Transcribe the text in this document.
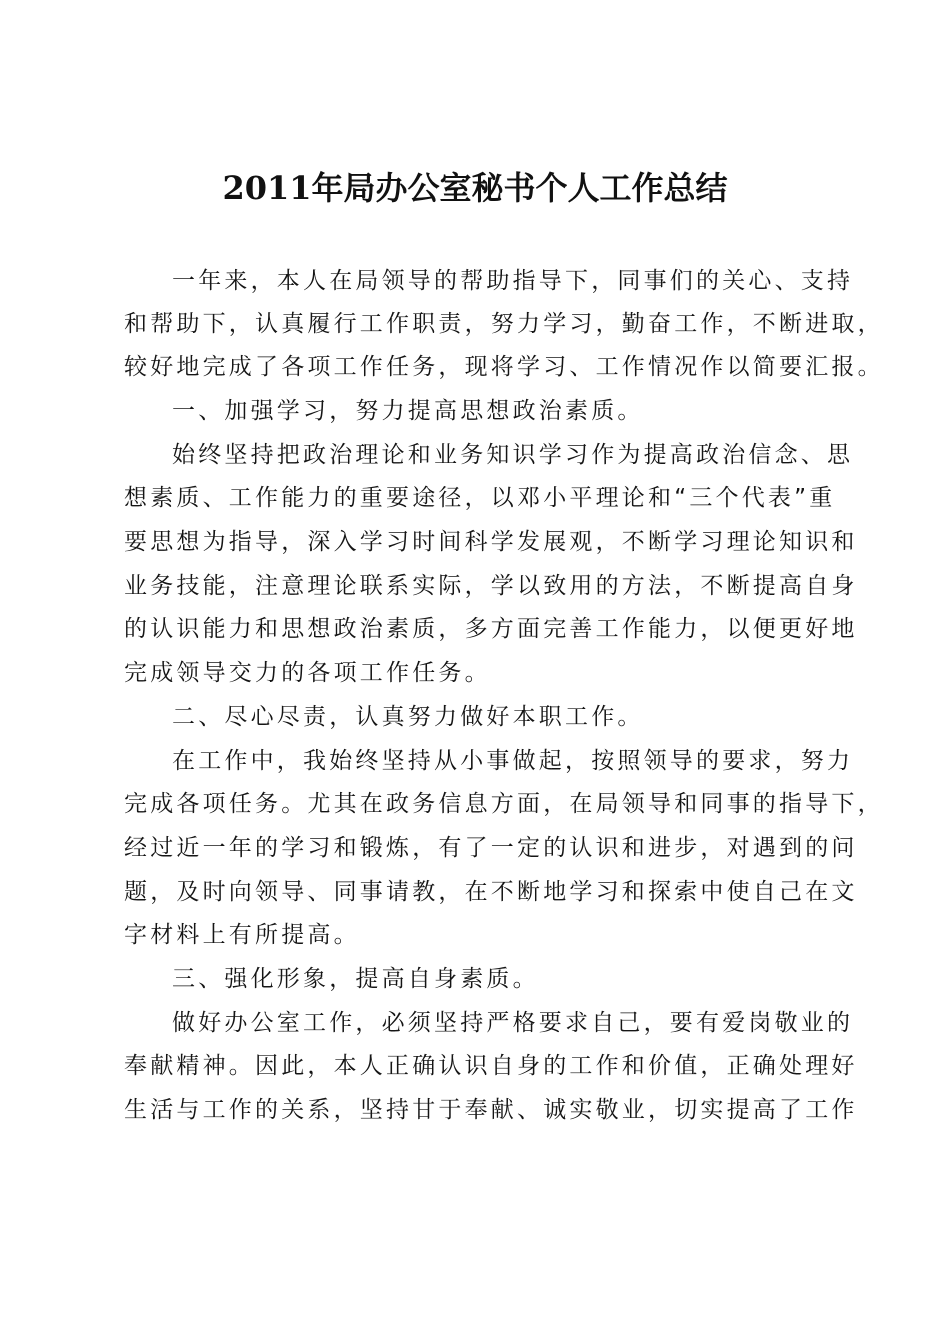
2011年局办公室秘书个人工作总结
一年来，本人在局领导的帮助指导下，同事们的关心、支持
和帮助下，认真履行工作职责，努力学习，勤奋工作，不断进取，
较好地完成了各项工作任务，现将学习、工作情况作以简要汇报。
一、加强学习，努力提高思想政治素质。
始终坚持把政治理论和业务知识学习作为提高政治信念、思
想素质、工作能力的重要途径，以邓小平理论和“三个代表”重
要思想为指导，深入学习时间科学发展观，不断学习理论知识和
业务技能，注意理论联系实际，学以致用的方法，不断提高自身
的认识能力和思想政治素质，多方面完善工作能力，以便更好地
完成领导交力的各项工作任务。
二、尽心尽责，认真努力做好本职工作。
在工作中，我始终坚持从小事做起，按照领导的要求，努力
完成各项任务。尤其在政务信息方面，在局领导和同事的指导下，
经过近一年的学习和锻炼，有了一定的认识和进步，对遇到的问
题，及时向领导、同事请教，在不断地学习和探索中使自己在文
字材料上有所提高。
三、强化形象，提高自身素质。
做好办公室工作，必须坚持严格要求自己，要有爱岗敬业的
奉献精神。因此，本人正确认识自身的工作和价值，正确处理好
生活与工作的关系，坚持甘于奉献、诚实敬业，切实提高了工作
